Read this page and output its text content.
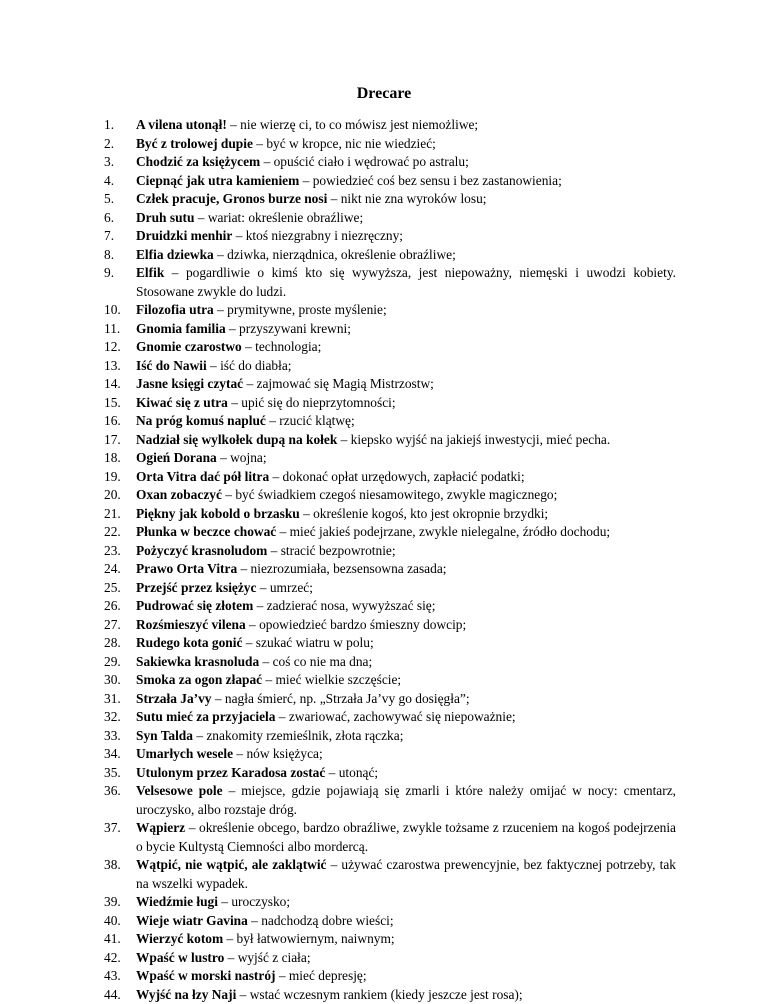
Drecare
1. A vilena utonął! – nie wierzę ci, to co mówisz jest niemożliwe;
2. Być z trolowej dupie – być w kropce, nic nie wiedzieć;
3. Chodzić za księżycem – opuścić ciało i wędrować po astralu;
4. Ciepnąć jak utra kamieniem – powiedzieć coś bez sensu i bez zastanowienia;
5. Człek pracuje, Gronos burze nosi – nikt nie zna wyroków losu;
6. Druh sutu – wariat: określenie obraźliwe;
7. Druidzki menhir – ktoś niezgrabny i niezręczny;
8. Elfia dziewka – dziwka, nierządnica, określenie obraźliwe;
9. Elfik – pogardliwie o kimś kto się wywyższa, jest niepoważny, niemęski i uwodzi kobiety. Stosowane zwykle do ludzi.
10. Filozofia utra – prymitywne, proste myślenie;
11. Gnomia familia – przyszywani krewni;
12. Gnomie czarostwo – technologia;
13. Iść do Nawii – iść do diabła;
14. Jasne księgi czytać – zajmować się Magią Mistrzostw;
15. Kiwać się z utra – upić się do nieprzytomności;
16. Na próg komuś napluć – rzucić klątwę;
17. Nadział się wylkołek dupą na kołek – kiepsko wyjść na jakiejś inwestycji, mieć pecha.
18. Ogień Dorana – wojna;
19. Orta Vitra dać pół litra – dokonać opłat urzędowych, zapłacić podatki;
20. Oxan zobaczyć – być świadkiem czegoś niesamowitego, zwykle magicznego;
21. Piękny jak kobold o brzasku – określenie kogoś, kto jest okropnie brzydki;
22. Płunka w beczce chować – mieć jakieś podejrzane, zwykle nielegalne, źródło dochodu;
23. Pożyczyć krasnoludom – stracić bezpowrotnie;
24. Prawo Orta Vitra – niezrozumiała, bezsensowna zasada;
25. Przejść przez księżyc – umrzeć;
26. Pudrować się złotem – zadzierać nosa, wywyższać się;
27. Rozśmieszyć vilena – opowiedzieć bardzo śmieszny dowcip;
28. Rudego kota gonić – szukać wiatru w polu;
29. Sakiewka krasnoluda – coś co nie ma dna;
30. Smoka za ogon złapać – mieć wielkie szczęście;
31. Strzała Ja’vy – nagła śmierć, np. „Strzała Ja’vy go dosięgła”;
32. Sutu mieć za przyjaciela – zwariować, zachowywać się niepoważnie;
33. Syn Talda – znakomity rzemieślnik, złota rączka;
34. Umarłych wesele – nów księżyca;
35. Utulonym przez Karadosa zostać – utonąć;
36. Velsesowe pole – miejsce, gdzie pojawiają się zmarli i które należy omijać w nocy: cmentarz, uroczysko, albo rozstaje dróg.
37. Wąpierz – określenie obcego, bardzo obraźliwe, zwykle tożsame z rzuceniem na kogoś podejrzenia o bycie Kultystą Ciemności albo mordercą.
38. Wątpić, nie wątpić, ale zaklątwić – używać czarostwa prewencyjnie, bez faktycznej potrzeby, tak na wszelki wypadek.
39. Wiedźmie ługi – uroczysko;
40. Wieje wiatr Gavina – nadchodzą dobre wieści;
41. Wierzyć kotom – był łatwowiernym, naiwnym;
42. Wpaść w lustro – wyjść z ciała;
43. Wpaść w morski nastrój – mieć depresję;
44. Wyjść na łzy Naji – wstać wczesnym rankiem (kiedy jeszcze jest rosa);
